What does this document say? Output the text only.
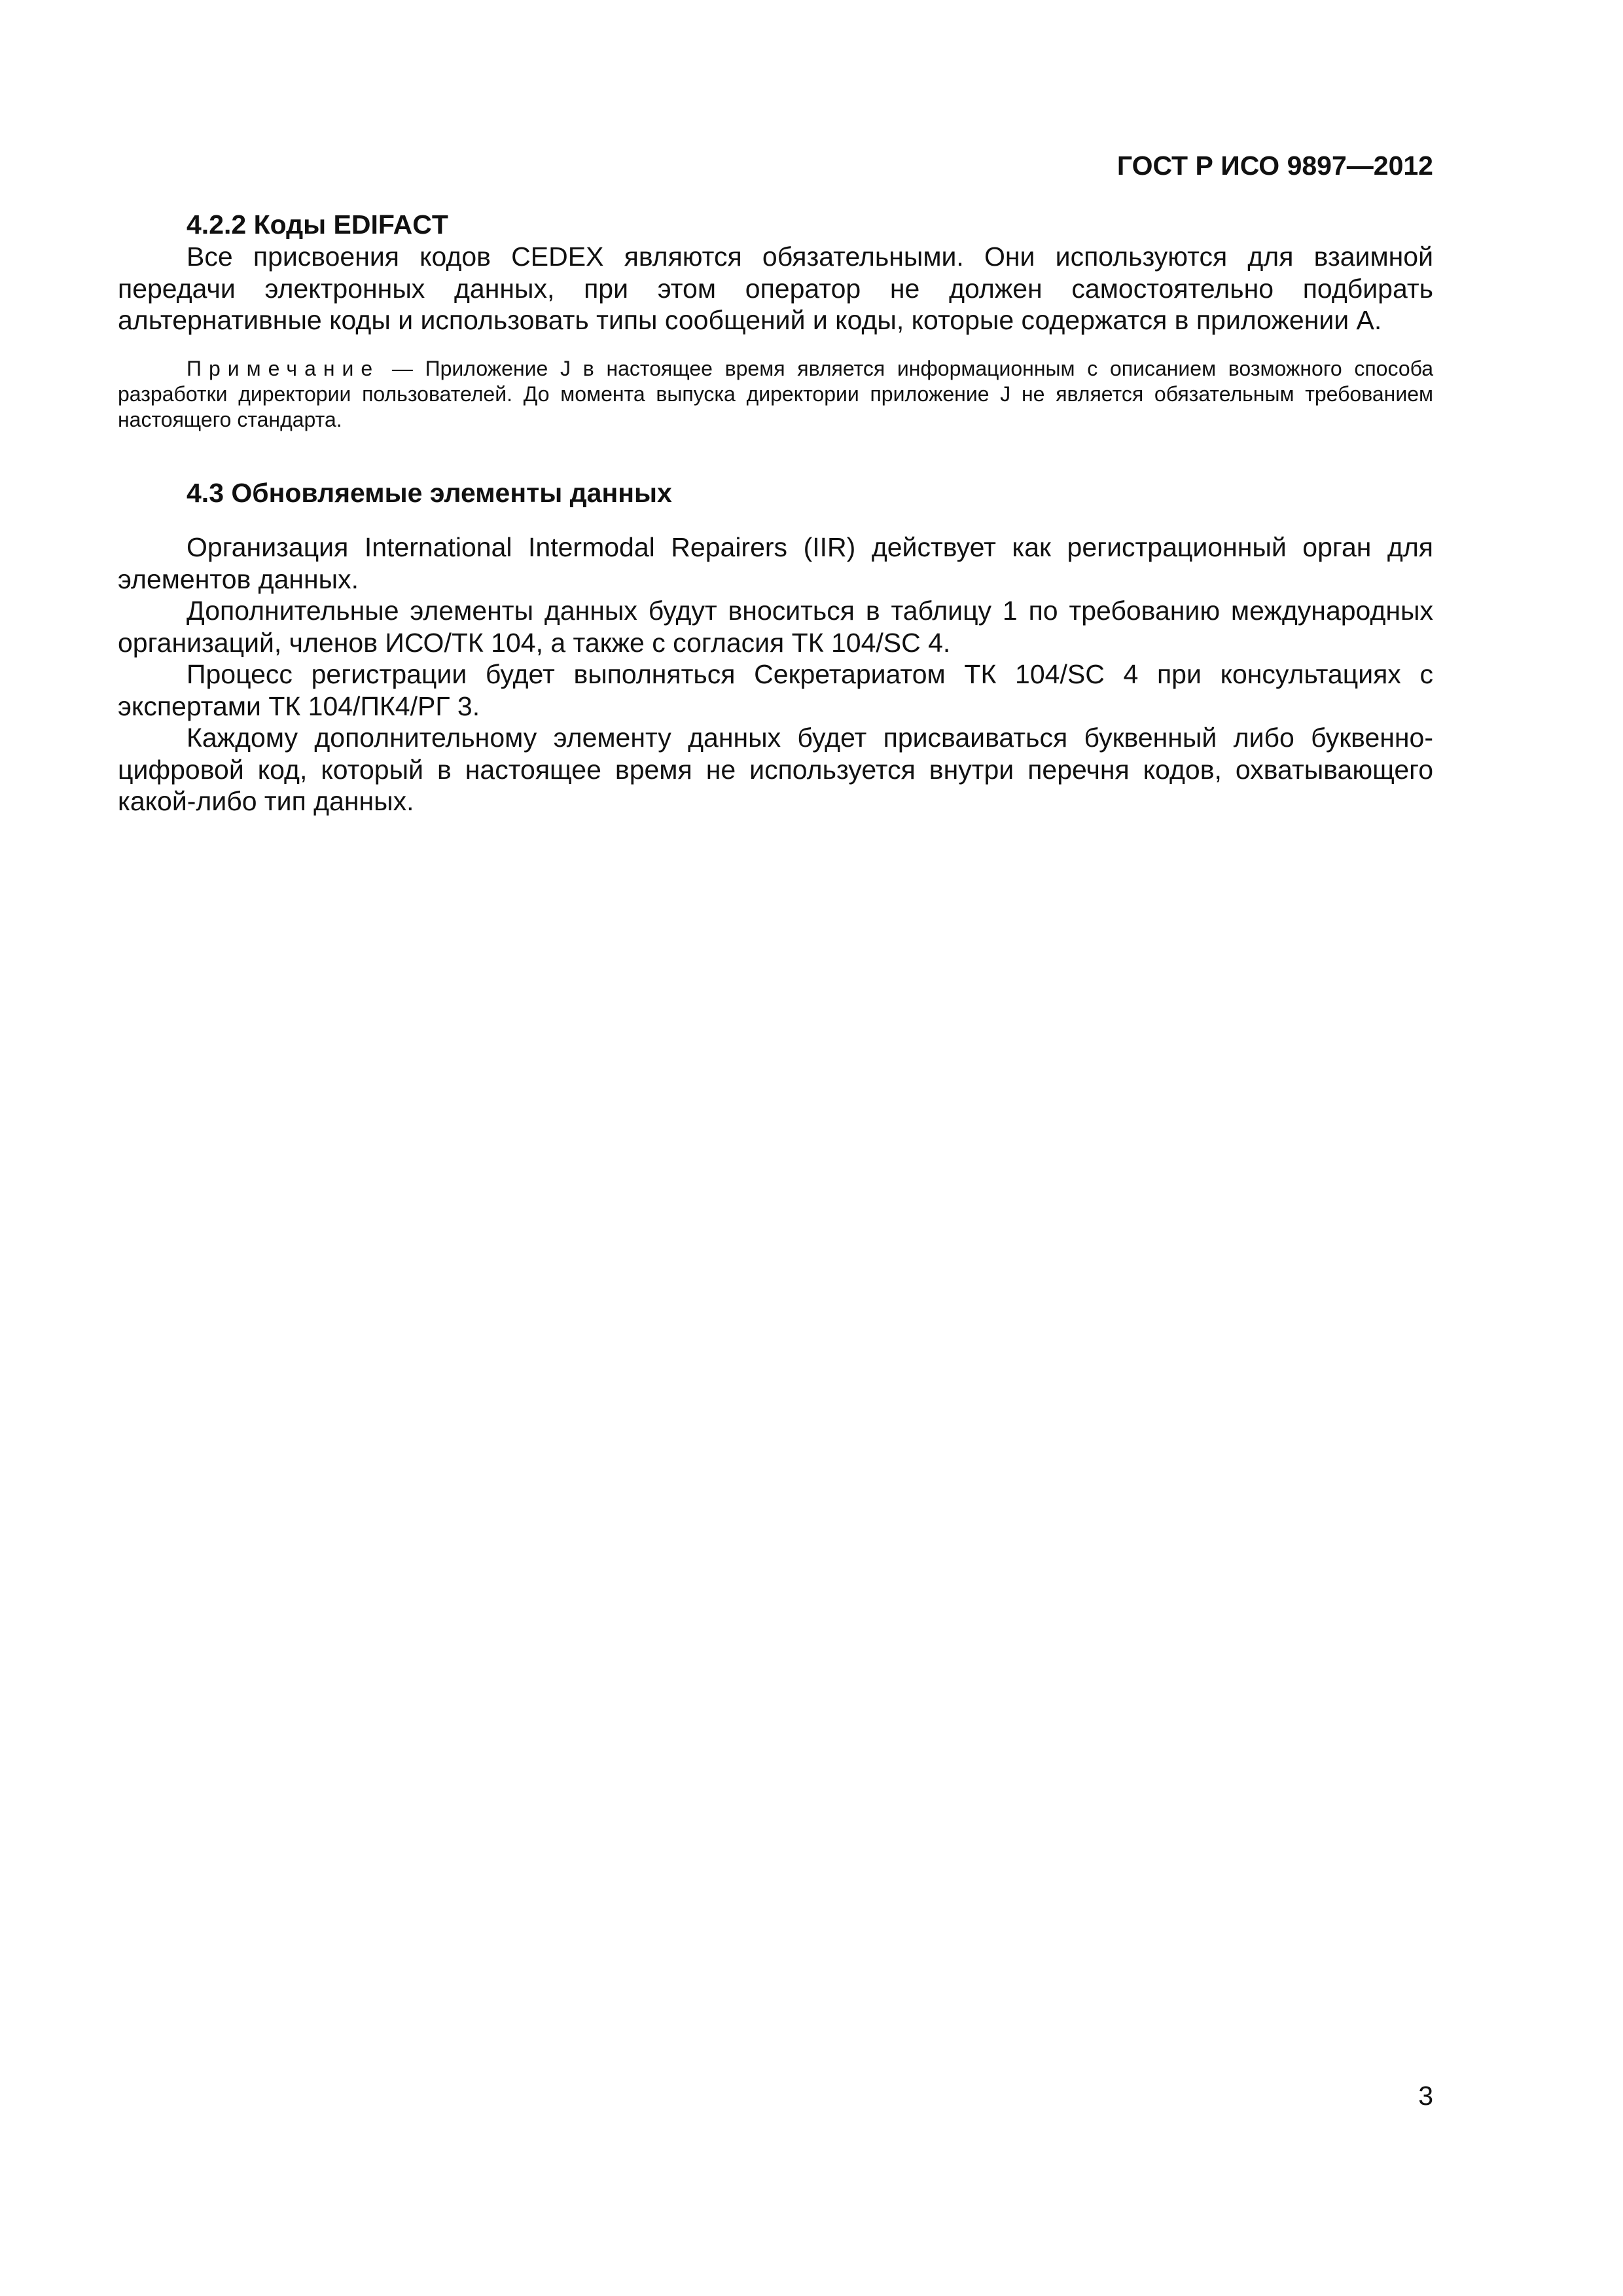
ГОСТ Р ИСО 9897—2012

4.2.2 Коды EDIFACT

Все присвоения кодов CEDEX являются обязательными. Они используются для взаимной передачи электронных данных, при этом оператор не должен самостоятельно подбирать альтернативные коды и использовать типы сообщений и коды, которые содержатся в приложении А.

Примечание — Приложение J в настоящее время является информационным с описанием возможного способа разработки директории пользователей. До момента выпуска директории приложение J не является обязательным требованием настоящего стандарта.

4.3 Обновляемые элементы данных

Организация International Intermodal Repairers (IIR) действует как регистрационный орган для элементов данных.

Дополнительные элементы данных будут вноситься в таблицу 1 по требованию международных организаций, членов ИСО/ТК 104, а также с согласия ТК 104/SC 4.

Процесс регистрации будет выполняться Секретариатом ТК 104/SC 4 при консультациях с экспертами ТК 104/ПК4/РГ 3.

Каждому дополнительному элементу данных будет присваиваться буквенный либо буквенно-цифровой код, который в настоящее время не используется внутри перечня кодов, охватывающего какой-либо тип данных.

3
